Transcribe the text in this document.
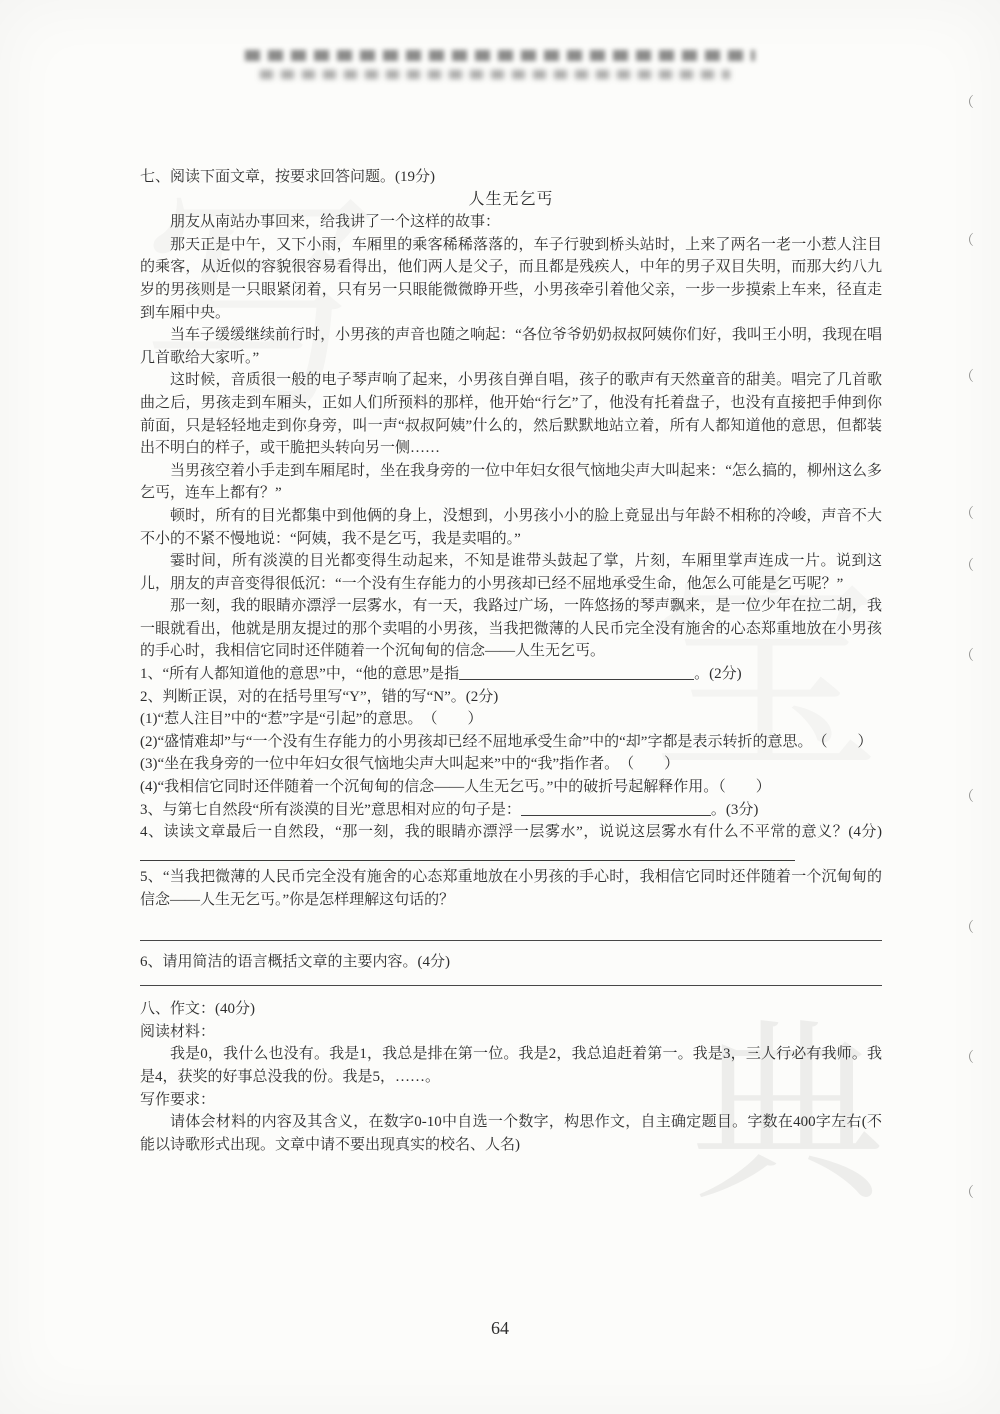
典
（
（
（
（
（
（
（
（
（
（

七、阅读下面文章，按要求回答问题。(19分)

人生无乞丐

朋友从南站办事回来，给我讲了一个这样的故事：

那天正是中午，又下小雨，车厢里的乘客稀稀落落的，车子行驶到桥头站时，上来了两名一老一小惹人注目的乘客，从近似的容貌很容易看得出，他们两人是父子，而且都是残疾人，中年的男子双目失明，而那大约八九岁的男孩则是一只眼紧闭着，只有另一只眼能微微睁开些，小男孩牵引着他父亲，一步一步摸索上车来，径直走到车厢中央。

当车子缓缓继续前行时，小男孩的声音也随之响起：“各位爷爷奶奶叔叔阿姨你们好，我叫王小明，我现在唱几首歌给大家听。”

这时候，音质很一般的电子琴声响了起来，小男孩自弹自唱，孩子的歌声有天然童音的甜美。唱完了几首歌曲之后，男孩走到车厢头，正如人们所预料的那样，他开始“行乞”了，他没有托着盘子，也没有直接把手伸到你前面，只是轻轻地走到你身旁，叫一声“叔叔阿姨”什么的，然后默默地站立着，所有人都知道他的意思，但都装出不明白的样子，或干脆把头转向另一侧……

当男孩空着小手走到车厢尾时，坐在我身旁的一位中年妇女很气恼地尖声大叫起来：“怎么搞的，柳州这么多乞丐，连车上都有？”

顿时，所有的目光都集中到他俩的身上，没想到，小男孩小小的脸上竟显出与年龄不相称的冷峻，声音不大不小的不紧不慢地说：“阿姨，我不是乞丐，我是卖唱的。”

霎时间，所有淡漠的目光都变得生动起来，不知是谁带头鼓起了掌，片刻，车厢里掌声连成一片。说到这儿，朋友的声音变得很低沉：“一个没有生存能力的小男孩却已经不屈地承受生命，他怎么可能是乞丐呢？”

那一刻，我的眼睛亦漂浮一层雾水，有一天，我路过广场，一阵悠扬的琴声飘来，是一位少年在拉二胡，我一眼就看出，他就是朋友提过的那个卖唱的小男孩，当我把微薄的人民币完全没有施舍的心态郑重地放在小男孩的手心时，我相信它同时还伴随着一个沉甸甸的信念——人生无乞丐。

1、“所有人都知道他的意思”中，“他的意思”是指	。(2分)

2、判断正误，对的在括号里写“Y”，错的写“N”。(2分)

(1)“惹人注目”中的“惹”字是“引起”的意思。　（　　）

(2)“盛情难却”与“一个没有生存能力的小男孩却已经不屈地承受生命”中的“却”字都是表示转折的意思。　（　　）

(3)“坐在我身旁的一位中年妇女很气恼地尖声大叫起来”中的“我”指作者。　（　　）

(4)“我相信它同时还伴随着一个沉甸甸的信念——人生无乞丐。”中的破折号起解释作用。（　　）

3、与第七自然段“所有淡漠的目光”意思相对应的句子是：	。(3分)

4、读读文章最后一自然段，“那一刻，我的眼睛亦漂浮一层雾水”，说说这层雾水有什么不平常的意义？(4分)

5、“当我把微薄的人民币完全没有施舍的心态郑重地放在小男孩的手心时，我相信它同时还伴随着一个沉甸甸的信念——人生无乞丐。”你是怎样理解这句话的？

6、请用简洁的语言概括文章的主要内容。(4分)

八、作文：(40分)

阅读材料：

我是0，我什么也没有。我是1，我总是排在第一位。我是2，我总追赶着第一。我是3，三人行必有我师。我是4，获奖的好事总没我的份。我是5，……。

写作要求：

请体会材料的内容及其含义，在数字0-10中自选一个数字，构思作文，自主确定题目。字数在400字左右(不能以诗歌形式出现。文章中请不要出现真实的校名、人名)

64
